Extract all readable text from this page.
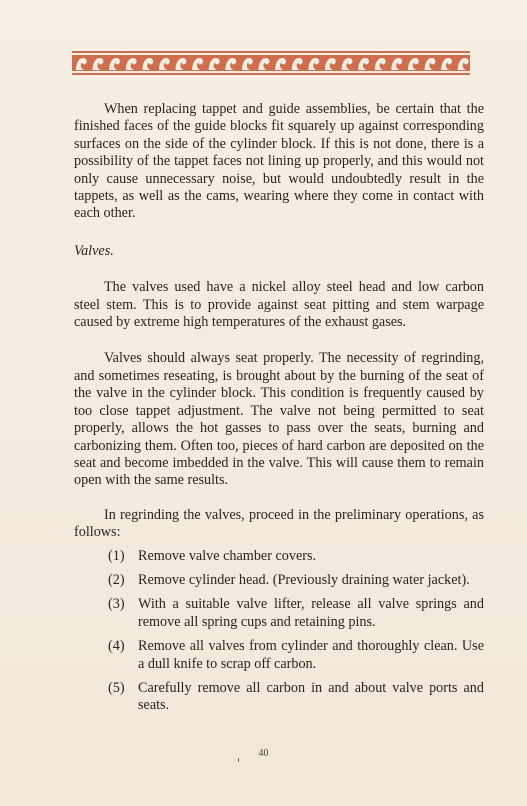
When replacing tappet and guide assemblies, be certain that the finished faces of the guide blocks fit squarely up against corresponding surfaces on the side of the cylinder block. If this is not done, there is a possibility of the tappet faces not lining up properly, and this would not only cause unnecessary noise, but would undoubtedly result in the tappets, as well as the cams, wearing where they come in contact with each other.

Valves.

The valves used have a nickel alloy steel head and low carbon steel stem. This is to provide against seat pitting and stem warpage caused by extreme high temperatures of the exhaust gases.

Valves should always seat properly. The necessity of regrinding, and sometimes reseating, is brought about by the burning of the seat of the valve in the cylinder block. This condition is frequently caused by too close tappet adjustment. The valve not being permitted to seat properly, allows the hot gasses to pass over the seats, burning and carbonizing them. Often too, pieces of hard carbon are deposited on the seat and become imbedded in the valve. This will cause them to remain open with the same results.

In regrinding the valves, proceed in the preliminary operations, as follows:

(1) Remove valve chamber covers.
(2) Remove cylinder head. (Previously draining water jacket).
(3) With a suitable valve lifter, release all valve springs and remove all spring cups and retaining pins.
(4) Remove all valves from cylinder and thoroughly clean. Use a dull knife to scrap off carbon.
(5) Carefully remove all carbon in and about valve ports and seats.
40
